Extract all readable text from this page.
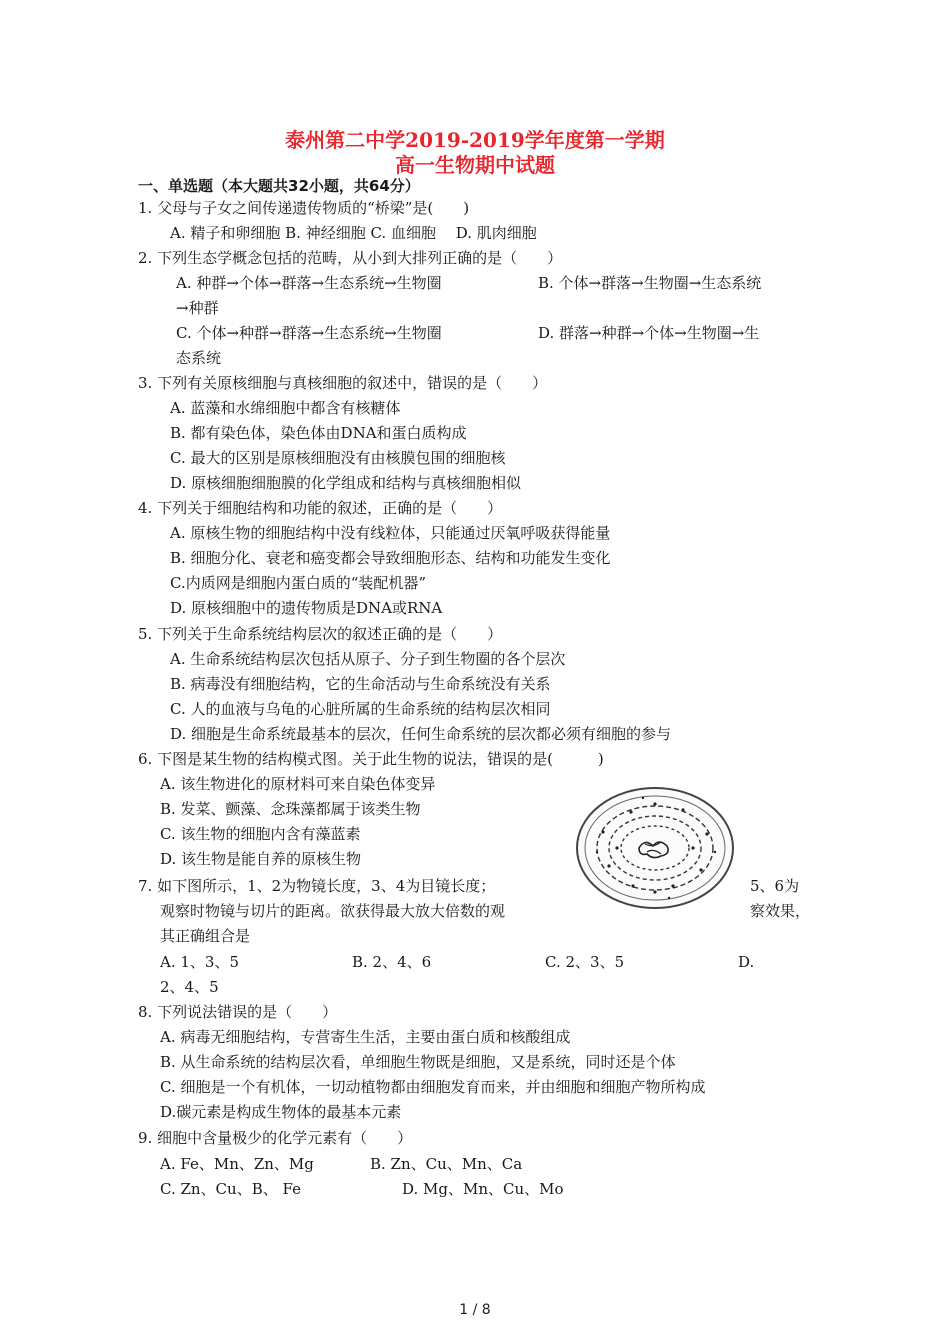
泰州第二中学2019-2019学年度第一学期
高一生物期中试题
一、单选题（本大题共32小题，共64分）
1. 父母与子女之间传递遗传物质的“桥梁”是(　　)
A. 精子和卵细胞 B. 神经细胞 C. 血细胞　 D. 肌肉细胞
2. 下列生态学概念包括的范畴，从小到大排列正确的是（　　）
A. 种群→个体→群落→生态系统→生物圈	B. 个体→群落→生物圈→生态系统
→种群
C. 个体→种群→群落→生态系统→生物圈	D. 群落→种群→个体→生物圈→生
态系统
3. 下列有关原核细胞与真核细胞的叙述中，错误的是（　　）
A. 蓝藻和水绵细胞中都含有核糖体
B. 都有染色体，染色体由DNA和蛋白质构成
C. 最大的区别是原核细胞没有由核膜包围的细胞核
D. 原核细胞细胞膜的化学组成和结构与真核细胞相似
4. 下列关于细胞结构和功能的叙述，正确的是（　　）
A. 原核生物的细胞结构中没有线粒体，只能通过厌氧呼吸获得能量
B. 细胞分化、衰老和癌变都会导致细胞形态、结构和功能发生变化
C.内质网是细胞内蛋白质的“装配机器”
D. 原核细胞中的遗传物质是DNA或RNA
5. 下列关于生命系统结构层次的叙述正确的是（　　）
A. 生命系统结构层次包括从原子、分子到生物圈的各个层次
B. 病毒没有细胞结构，它的生命活动与生命系统没有关系
C. 人的血液与乌龟的心脏所属的生命系统的结构层次相同
D. 细胞是生命系统最基本的层次，任何生命系统的层次都必须有细胞的参与
6. 下图是某生物的结构模式图。关于此生物的说法，错误的是(　　　)
A. 该生物进化的原材料可来自染色体变异
B. 发菜、颤藻、念珠藻都属于该类生物
C. 该生物的细胞内含有藻蓝素
D. 该生物是能自养的原核生物
7. 如下图所示，1、2为物镜长度，3、4为目镜长度；	5、6为
观察时物镜与切片的距离。欲获得最大放大倍数的观	察效果，
其正确组合是
A. 1、3、5	B. 2、4、6	C. 2、3、5	D.
2、4、5
8. 下列说法错误的是（　　）
A. 病毒无细胞结构，专营寄生生活，主要由蛋白质和核酸组成
B. 从生命系统的结构层次看，单细胞生物既是细胞，又是系统，同时还是个体
C. 细胞是一个有机体，一切动植物都由细胞发育而来，并由细胞和细胞产物所构成
D.碳元素是构成生物体的最基本元素
9. 细胞中含量极少的化学元素有（　　）
A. Fe、Mn、Zn、Mg	B. Zn、Cu、Mn、Ca
C. Zn、Cu、B、 Fe	D. Mg、Mn、Cu、Mo
1 / 8
